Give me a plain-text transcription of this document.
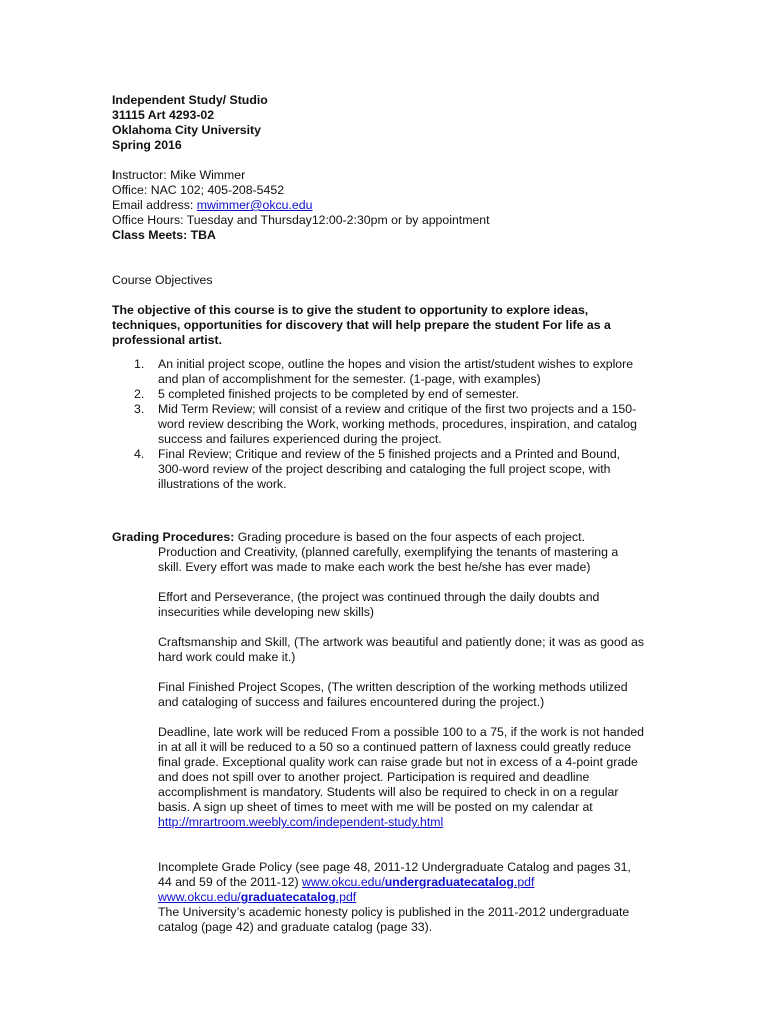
Independent Study/ Studio
31115 Art 4293-02
Oklahoma City University
Spring 2016
Instructor: Mike Wimmer
Office: NAC 102; 405-208-5452
Email address: mwimmer@okcu.edu
Office Hours: Tuesday and Thursday12:00-2:30pm or by appointment
Class Meets: TBA
Course Objectives
The objective of this course is to give the student to opportunity to explore ideas,
techniques, opportunities for discovery that will help prepare the student For life as a
professional artist.
1. An initial project scope, outline the hopes and vision the artist/student wishes to explore
and plan of accomplishment for the semester. (1-page, with examples)
2. 5 completed finished projects to be completed by end of semester.
3. Mid Term Review; will consist of a review and critique of the first two projects and a 150-
word review describing the Work, working methods, procedures, inspiration, and catalog
success and failures experienced during the project.
4. Final Review; Critique and review of the 5 finished projects and a Printed and Bound,
300-word review of the project describing and cataloging the full project scope, with
illustrations of the work.
Grading Procedures: Grading procedure is based on the four aspects of each project.
Production and Creativity, (planned carefully, exemplifying the tenants of mastering a
skill. Every effort was made to make each work the best he/she has ever made)
Effort and Perseverance, (the project was continued through the daily doubts and
insecurities while developing new skills)
Craftsmanship and Skill, (The artwork was beautiful and patiently done; it was as good as
hard work could make it.)
Final Finished Project Scopes, (The written description of the working methods utilized
and cataloging of success and failures encountered during the project.)
Deadline, late work will be reduced From a possible 100 to a 75, if the work is not handed
in at all it will be reduced to a 50 so a continued pattern of laxness could greatly reduce
final grade. Exceptional quality work can raise grade but not in excess of a 4-point grade
and does not spill over to another project. Participation is required and deadline
accomplishment is mandatory. Students will also be required to check in on a regular
basis. A sign up sheet of times to meet with me will be posted on my calendar at
http://mrartroom.weebly.com/independent-study.html
Incomplete Grade Policy (see page 48, 2011-12 Undergraduate Catalog and pages 31,
44 and 59 of the 2011-12) www.okcu.edu/undergraduatecatalog.pdf
www.okcu.edu/graduatecatalog.pdf
The University’s academic honesty policy is published in the 2011-2012 undergraduate
catalog (page 42) and graduate catalog (page 33).
